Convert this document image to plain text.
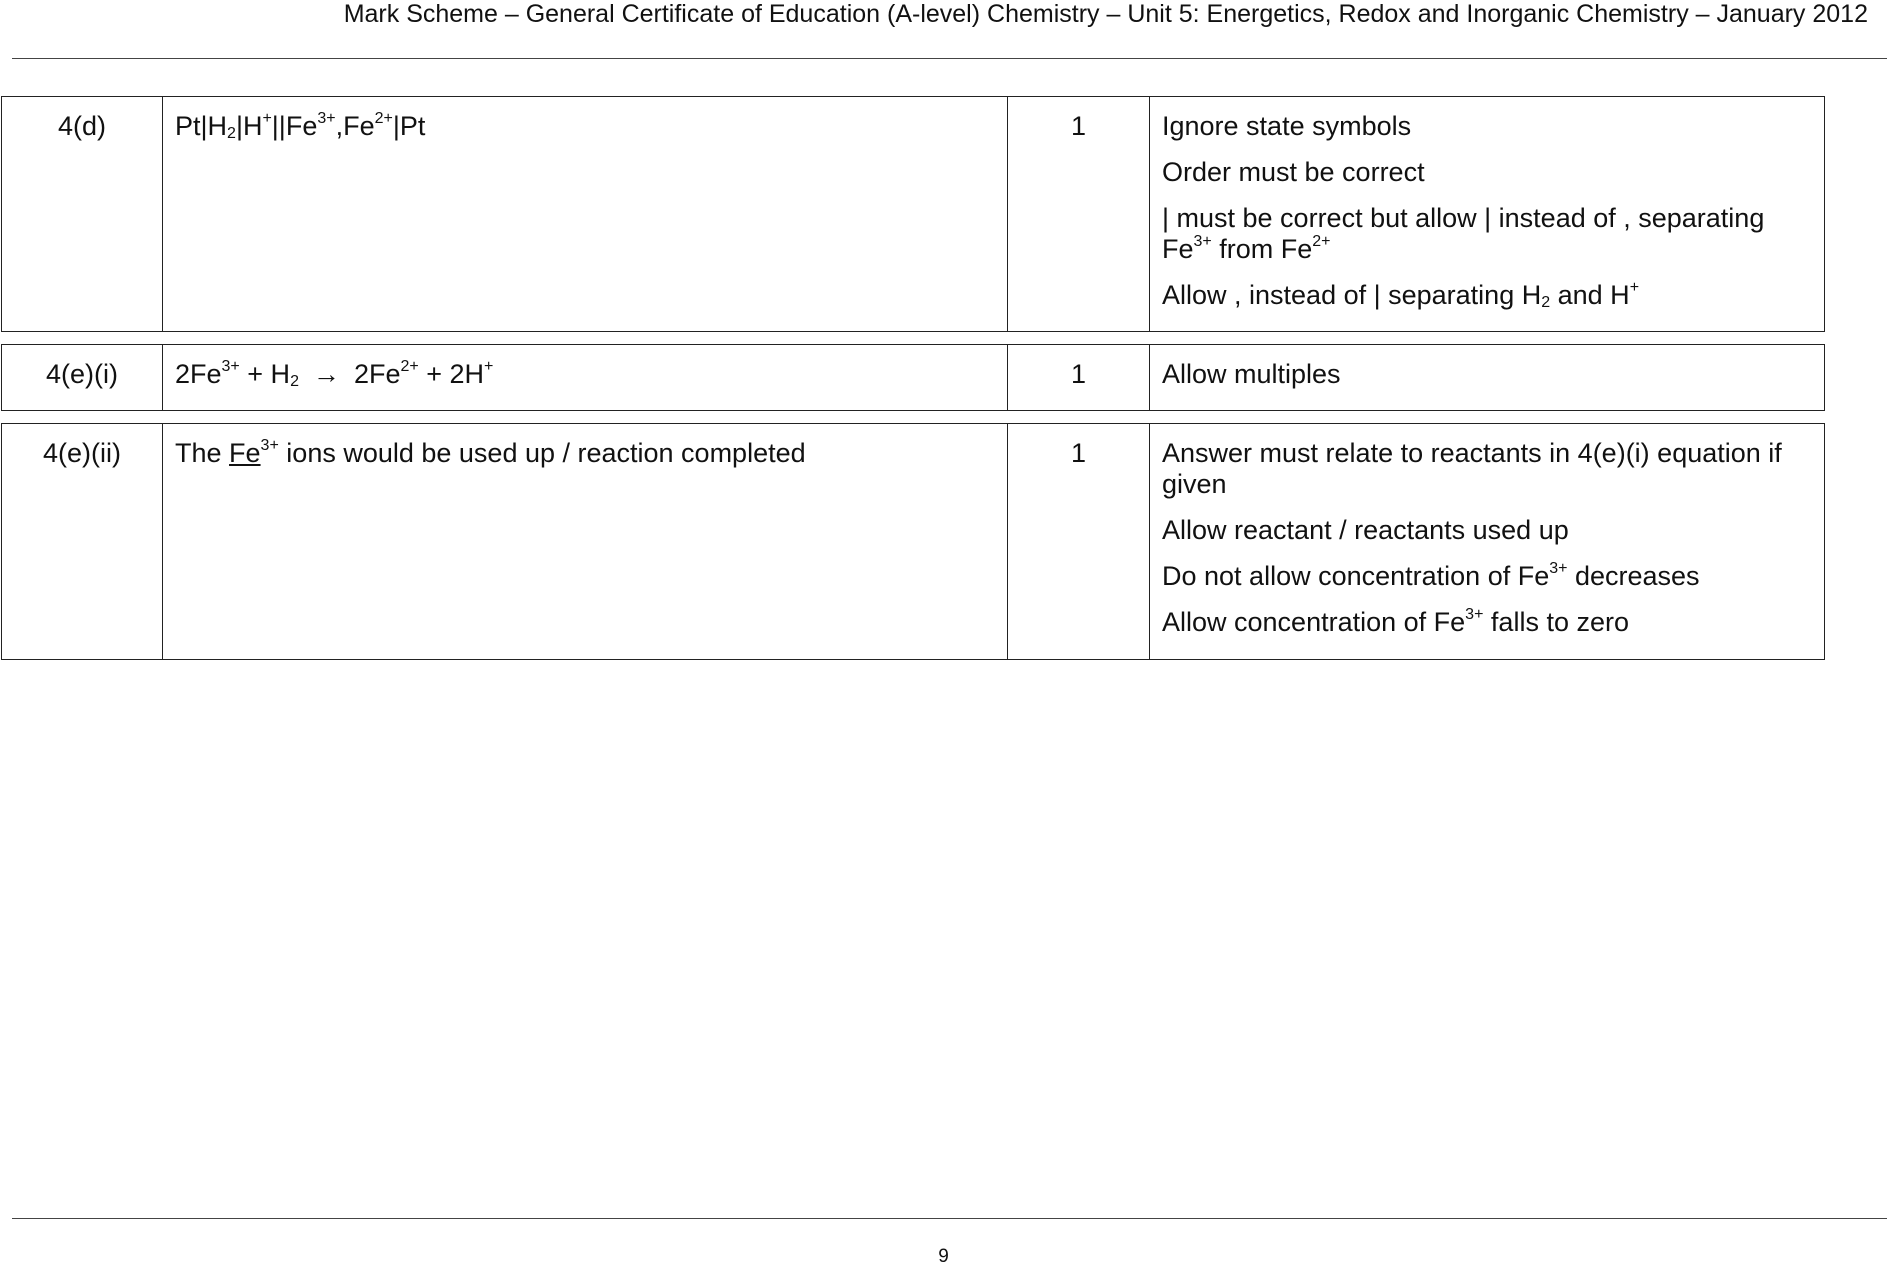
Mark Scheme – General Certificate of Education (A-level) Chemistry – Unit 5: Energetics, Redox and Inorganic Chemistry – January 2012
4(d)	$Pt|H_2|H^+||Fe^{3+},Fe^{2+}|Pt$	1	Ignore state symbols
Order must be correct
| must be correct but allow | instead of , separating $Fe^{3+}$ from $Fe^{2+}$
Allow , instead of | separating $H_2$ and H+
4(e)(i)	$2Fe^{3+} + H_2 \to 2Fe^{2+} + 2H^+$	1	Allow multiples
4(e)(ii)	The $Fe^{3+}$ ions would be used up / reaction completed	1	Answer must relate to reactants in 4(e)(i) equation if given
Allow reactant / reactants used up
Do not allow concentration of $Fe^{3+}$ decreases
Allow concentration of $Fe^{3+}$ falls to zero
9
